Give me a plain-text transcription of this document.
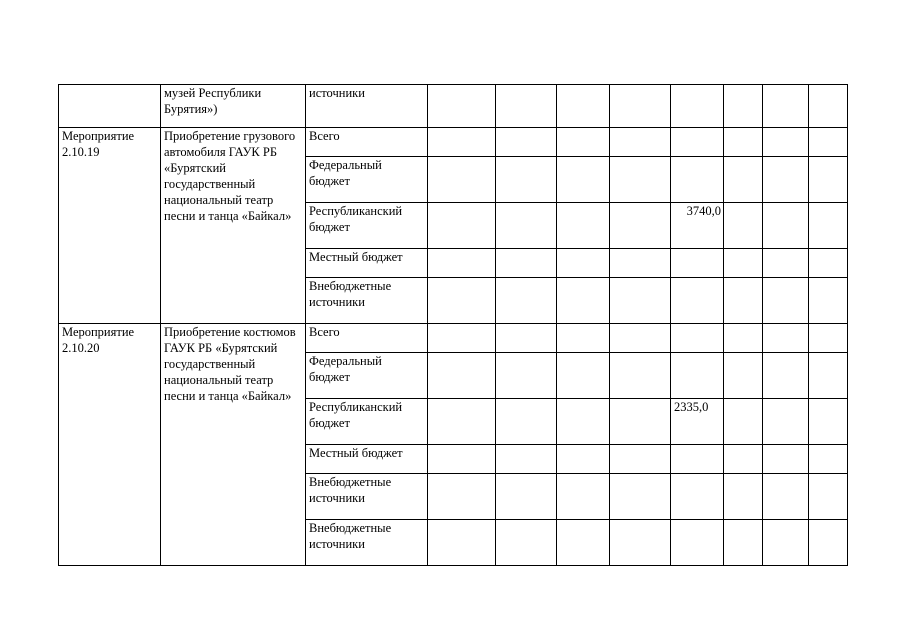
	музей Республики Бурятия»)	источники								
Мероприятие 2.10.19	Приобретение грузового автомобиля ГАУК РБ «Бурятский государственный национальный театр песни и танца «Байкал»	Всего								
		Федеральный бюджет								
		Республиканский бюджет					3740,0			
		Местный бюджет								
		Внебюджетные источники								
Мероприятие 2.10.20	Приобретение костюмов ГАУК РБ «Бурятский государственный национальный театр песни и танца «Байкал»	Всего								
		Федеральный бюджет								
		Республиканский бюджет					2335,0			
		Местный бюджет								
		Внебюджетные источники								
		Внебюджетные источники								
